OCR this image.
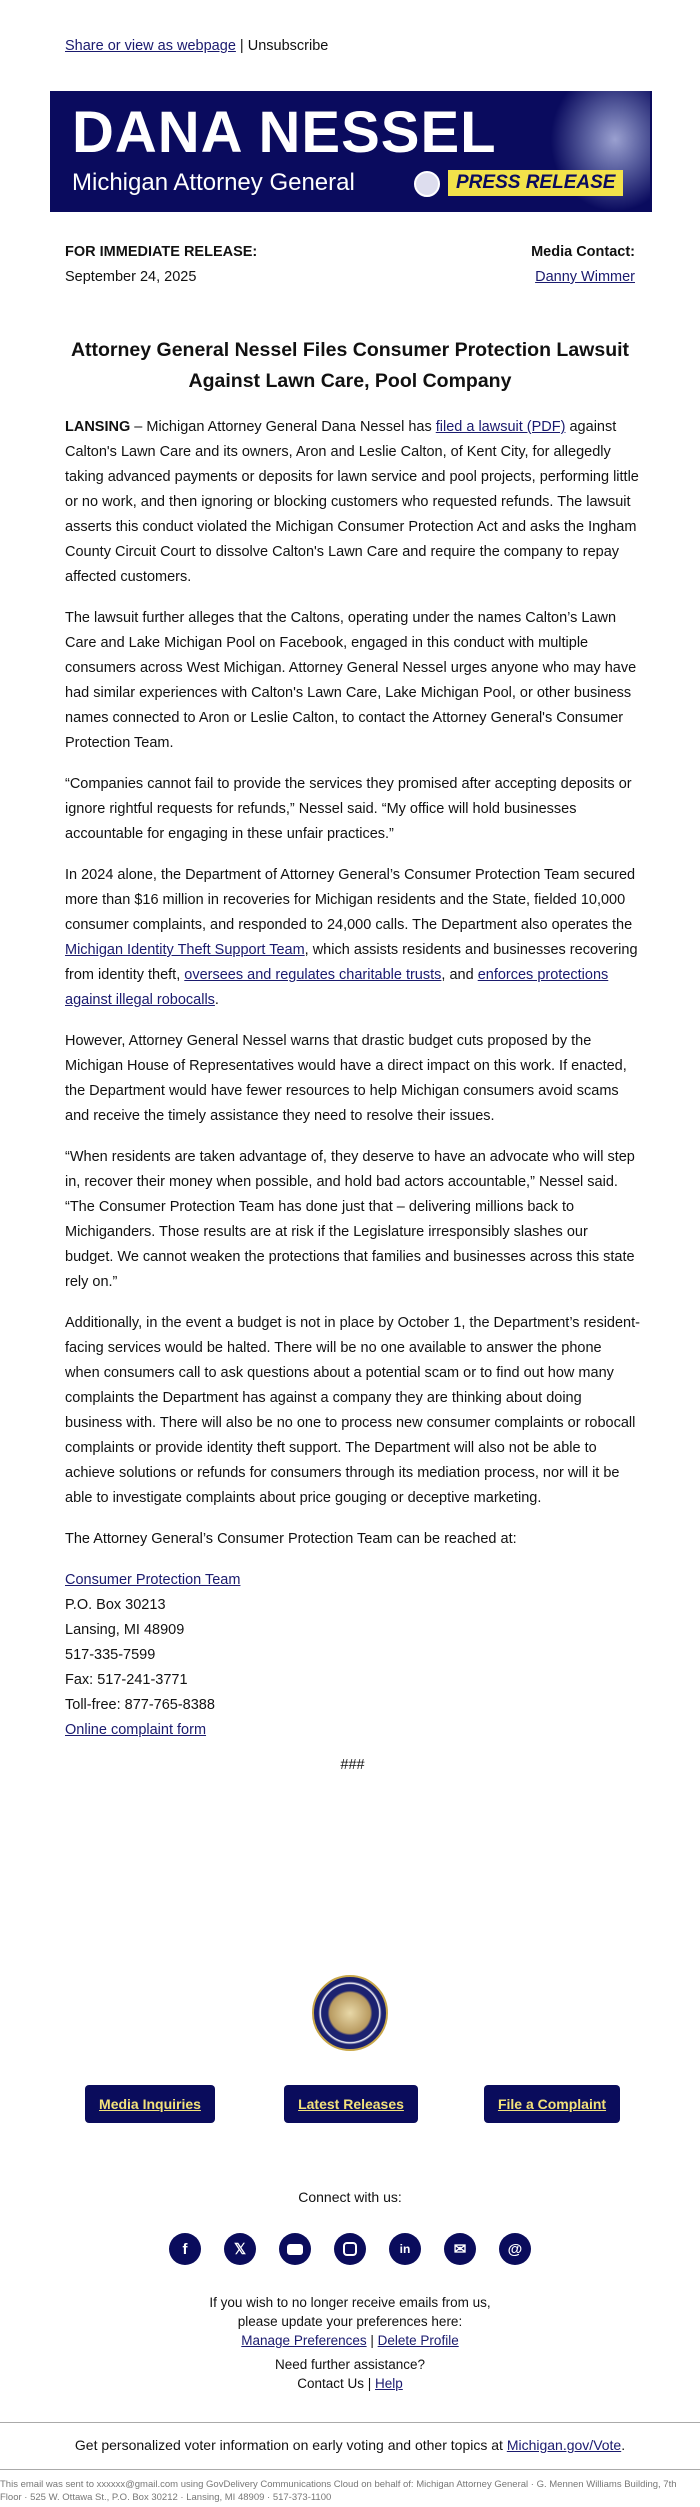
Share or view as webpage | Unsubscribe
DANA NESSEL
Michigan Attorney General	PRESS RELEASE
FOR IMMEDIATE RELEASE:
September 24, 2025
Media Contact:
Danny Wimmer
Attorney General Nessel Files Consumer Protection Lawsuit Against Lawn Care, Pool Company

LANSING – Michigan Attorney General Dana Nessel has filed a lawsuit (PDF) against Calton's Lawn Care and its owners, Aron and Leslie Calton, of Kent City, for allegedly taking advanced payments or deposits for lawn service and pool projects, performing little or no work, and then ignoring or blocking customers who requested refunds. The lawsuit asserts this conduct violated the Michigan Consumer Protection Act and asks the Ingham County Circuit Court to dissolve Calton's Lawn Care and require the company to repay affected customers.

The lawsuit further alleges that the Caltons, operating under the names Calton’s Lawn Care and Lake Michigan Pool on Facebook, engaged in this conduct with multiple consumers across West Michigan. Attorney General Nessel urges anyone who may have had similar experiences with Calton's Lawn Care, Lake Michigan Pool, or other business names connected to Aron or Leslie Calton, to contact the Attorney General's Consumer Protection Team.

“Companies cannot fail to provide the services they promised after accepting deposits or ignore rightful requests for refunds,” Nessel said. “My office will hold businesses accountable for engaging in these unfair practices.”

In 2024 alone, the Department of Attorney General’s Consumer Protection Team secured more than $16 million in recoveries for Michigan residents and the State, fielded 10,000 consumer complaints, and responded to 24,000 calls. The Department also operates the Michigan Identity Theft Support Team, which assists residents and businesses recovering from identity theft, oversees and regulates charitable trusts, and enforces protections against illegal robocalls.

However, Attorney General Nessel warns that drastic budget cuts proposed by the Michigan House of Representatives would have a direct impact on this work. If enacted, the Department would have fewer resources to help Michigan consumers avoid scams and receive the timely assistance they need to resolve their issues.

“When residents are taken advantage of, they deserve to have an advocate who will step in, recover their money when possible, and hold bad actors accountable,” Nessel said. “The Consumer Protection Team has done just that – delivering millions back to Michiganders. Those results are at risk if the Legislature irresponsibly slashes our budget. We cannot weaken the protections that families and businesses across this state rely on.”

Additionally, in the event a budget is not in place by October 1, the Department’s resident-facing services would be halted. There will be no one available to answer the phone when consumers call to ask questions about a potential scam or to find out how many complaints the Department has against a company they are thinking about doing business with. There will also be no one to process new consumer complaints or robocall complaints or provide identity theft support. The Department will also not be able to achieve solutions or refunds for consumers through its mediation process, nor will it be able to investigate complaints about price gouging or deceptive marketing.

The Attorney General’s Consumer Protection Team can be reached at:

Consumer Protection Team
P.O. Box 30213
Lansing, MI 48909
517-335-7599
Fax: 517-241-3771
Toll-free: 877-765-8388
Online complaint form
###
Media Inquiries	Latest Releases	File a Complaint
Connect with us:
f	𝕏	in	✉	@
If you wish to no longer receive emails from us,
please update your preferences here:
Manage Preferences | Delete Profile
Need further assistance?
Contact Us | Help
Get personalized voter information on early voting and other topics at Michigan.gov/Vote.
This email was sent to xxxxxx@gmail.com using GovDelivery Communications Cloud on behalf of: Michigan Attorney General · G. Mennen Williams Building, 7th Floor · 525 W. Ottawa St., P.O. Box 30212 · Lansing, MI 48909 · 517-373-1100
